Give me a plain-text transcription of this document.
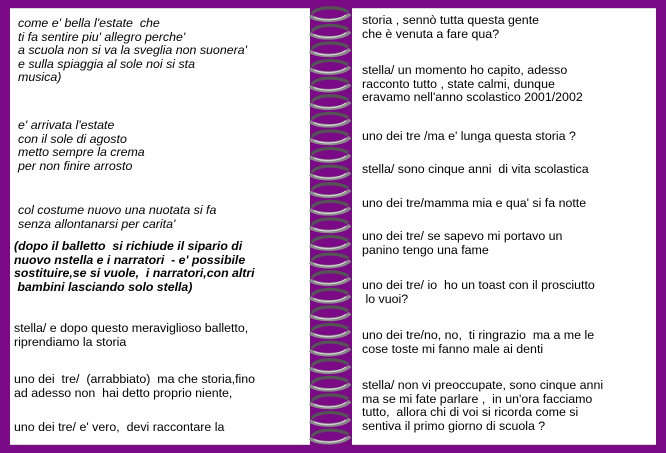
come e' bella l'estate  che
ti fa sentire piu' allegro perche'
a scuola non si va la sveglia non suonera'
e sulla spiaggia al sole noi si sta
musica)
e' arrivata l'estate
con il sole di agosto
metto sempre la crema
per non finire arrosto
col costume nuovo una nuotata si fa
senza allontanarsi per carita'
(dopo il balletto  si richiude il sipario di
nuovo nstella e i narratori  - e' possibile
sostituire,se si vuole,  i narratori,con altri
bambini lasciando solo stella)
stella/ e dopo questo meraviglioso balletto,
riprendiamo la storia
uno dei  tre/  (arrabbiato)  ma che storia,fino
ad adesso non  hai detto proprio niente,
uno dei tre/ e' vero,  devi raccontare la
storia , sennò tutta questa gente
che è venuta a fare qua?
stella/ un momento ho capito, adesso
racconto tutto , state calmi, dunque
eravamo nell'anno scolastico 2001/2002
uno dei tre /ma e' lunga questa storia ?
stella/ sono cinque anni  di vita scolastica
uno dei tre/mamma mia e qua' si fa notte
uno dei tre/ se sapevo mi portavo un
panino tengo una fame
uno dei tre/ io  ho un toast con il prosciutto
lo vuoi?
uno dei tre/no, no,  ti ringrazio  ma a me le
cose toste mi fanno male ai denti
stella/ non vi preoccupate, sono cinque anni
ma se mi fate parlare ,  in un'ora facciamo
tutto,  allora chi di voi si ricorda come si
sentiva il primo giorno di scuola ?
